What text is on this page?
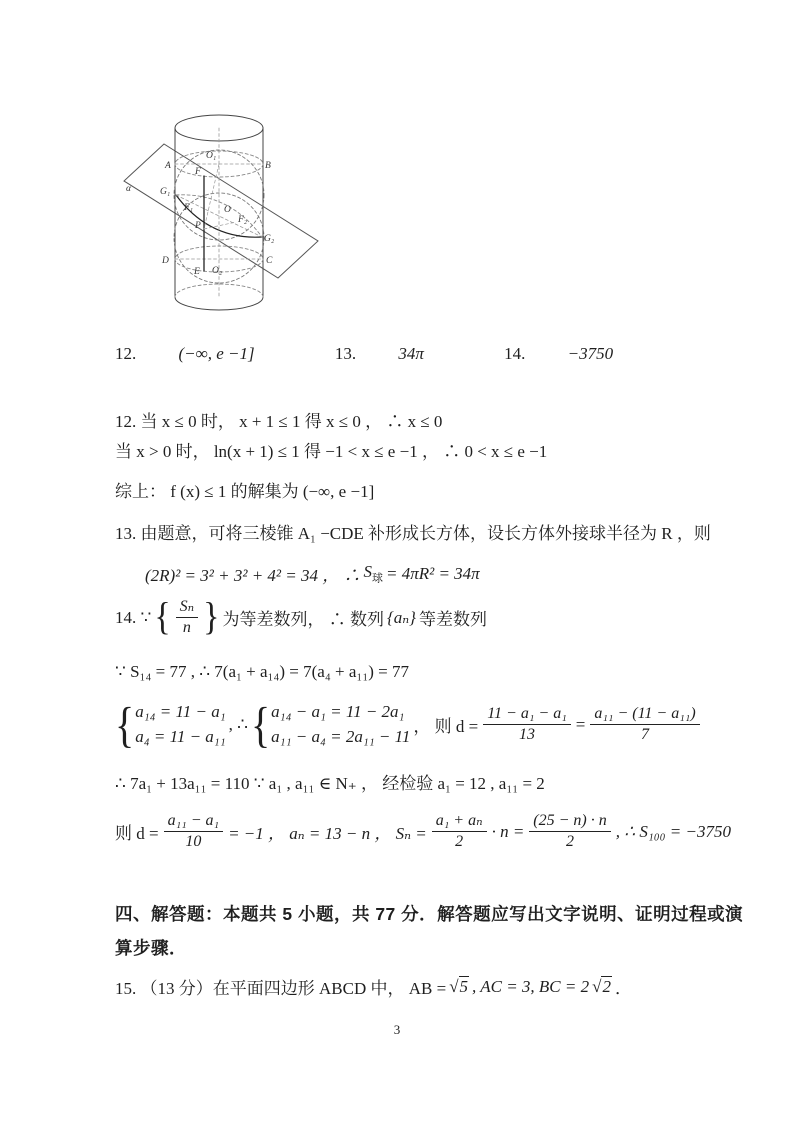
α
A
O₁
B
F
G₁
F₁	O
F₂
P
G₂
D	C
O₂
E
12. (−∞, e −1]	13. 34π	14. −3750
12. 当 x ≤ 0 时， x + 1 ≤ 1 得 x ≤ 0 ， ∴ x ≤ 0
当 x > 0 时， ln(x + 1) ≤ 1 得 −1 < x ≤ e −1 ， ∴ 0 < x ≤ e −1
综上： f (x) ≤ 1 的解集为 (−∞, e −1]
13. 由题意，可将三棱锥 A₁ −CDE 补形成长方体，设长方体外接球半径为 R ，则
(2R)² = 3² + 3² + 4² = 34 ， ∴ $S_球 = 4\pi R^2 = 34\pi$
14. ∵ { $\frac{\text{Sₙ}}{n}$ } 为等差数列， ∴ 数列 {aₙ} 等差数列
∵ S₁₄ = 77 , ∴ 7(a₁ + a₁₄) = 7(a₄ + a₁₁) = 77
{ a₁₄ = 11 − a₁
a₄ = 11 − a₁₁
, ∴ { a₁₄ − a₁ = 11 − 2a₁
a₁₁ − a₄ = 2a₁₁ − 11 ， 则 $d = \frac{\text{11 − a₁ − a₁}}{13} = \frac{\text{a₁₁ − (11 − a₁₁)}}{7}$
∴ 7a₁ + 13a₁₁ = 110 ∵ a₁ , a₁₁ ∈ N₊ ， 经检验 a₁ = 12 , a₁₁ = 2
则 $d = \frac{\text{a₁₁ − a₁}}{10} = -1$ ， aₙ = 13 − n ， $S_n = \frac{\text{a₁ + aₙ}}{2} \cdot n = \frac{(25 - n) \cdot n}{2}$ , ∴ S₁₀₀ = −3750
四、解答题：本题共 5 小题，共 77 分．解答题应写出文字说明、证明过程或演
算步骤．
15. （13 分）在平面四边形 ABCD 中， AB = √5 , AC = 3, BC = 2 √2 ．
3
